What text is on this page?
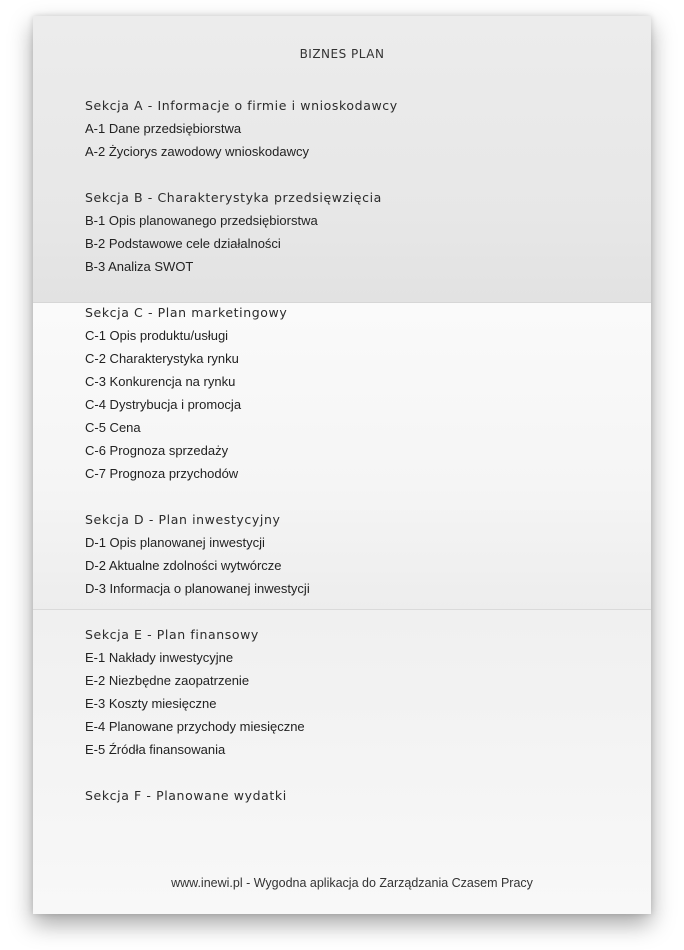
BIZNES PLAN
Sekcja A - Informacje o firmie i wnioskodawcy
A-1 Dane przedsiębiorstwa
A-2 Życiorys zawodowy wnioskodawcy
Sekcja B - Charakterystyka przedsięwzięcia
B-1 Opis planowanego przedsiębiorstwa
B-2 Podstawowe cele działalności
B-3 Analiza SWOT
Sekcja C - Plan marketingowy
C-1 Opis produktu/usługi
C-2 Charakterystyka rynku
C-3 Konkurencja na rynku
C-4 Dystrybucja i promocja
C-5 Cena
C-6 Prognoza sprzedaży
C-7 Prognoza przychodów
Sekcja D - Plan inwestycyjny
D-1 Opis planowanej inwestycji
D-2 Aktualne zdolności wytwórcze
D-3 Informacja o planowanej inwestycji
Sekcja E - Plan finansowy
E-1 Nakłady inwestycyjne
E-2 Niezbędne zaopatrzenie
E-3 Koszty miesięczne
E-4 Planowane przychody miesięczne
E-5 Źródła finansowania
Sekcja F - Planowane wydatki
www.inewi.pl - Wygodna aplikacja do Zarządzania Czasem Pracy
